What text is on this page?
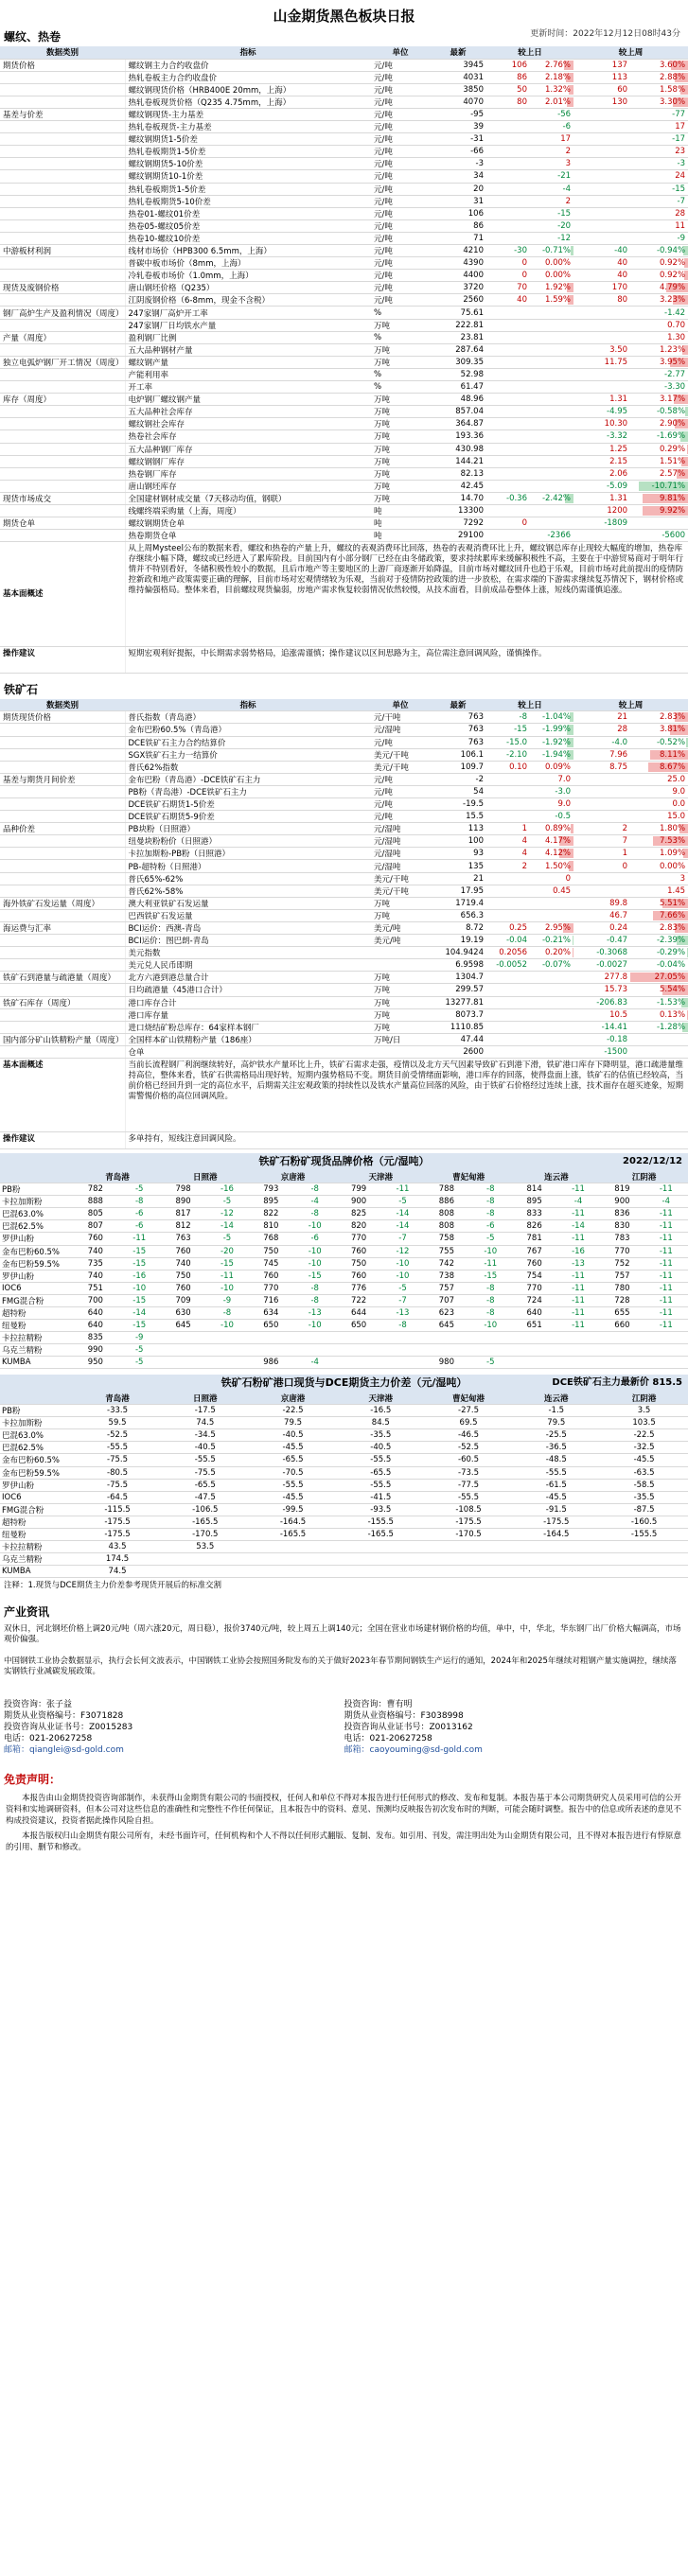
山金期货黑色板块日报
更新时间：2022年12月12日08时43分
螺纹、热卷
数据类别	指标	单位	最新	较上日		较上周	
期货价格	螺纹钢主力合约收盘价	元/吨	3945	106	2.76%	137	3.60%
	热轧卷板主力合约收盘价	元/吨	4031	86	2.18%	113	2.88%
	螺纹钢现货价格（HRB400E 20mm，上海）	元/吨	3850	50	1.32%	60	1.58%
	热轧卷板现货价格（Q235 4.75mm，上海）	元/吨	4070	80	2.01%	130	3.30%
基差与价差	螺纹钢现货-主力基差	元/吨	-95		-56		-77
	热轧卷板现货-主力基差	元/吨	39		-6		17
	螺纹钢期货1-5价差	元/吨	-31		17		-17
	热轧卷板期货1-5价差	元/吨	-66		2		23
	螺纹钢期货5-10价差	元/吨	-3		3		-3
	螺纹钢期货10-1价差	元/吨	34		-21		24
	热轧卷板期货1-5价差	元/吨	20		-4		-15
	热轧卷板期货5-10价差	元/吨	31		2		-7
	热卷01-螺纹01价差	元/吨	106		-15		28
	热卷05-螺纹05价差	元/吨	86		-20		11
	热卷10-螺纹10价差	元/吨	71		-12		-9
中游板材利润	线材市场价（HPB300 6.5mm，上海）	元/吨	4210	-30	-0.71%	-40	-0.94%
	普碳中板市场价（8mm，上海）	元/吨	4390	0	0.00%	40	0.92%
	冷轧卷板市场价（1.0mm，上海）	元/吨	4400	0	0.00%	40	0.92%
现货及废钢价格	唐山钢坯价格（Q235）	元/吨	3720	70	1.92%	170	4.79%
	江阴废钢价格（6-8mm，现金不含税）	元/吨	2560	40	1.59%	80	3.23%
钢厂高炉生产及盈利情况（周度）	247家钢厂高炉开工率	%	75.61				-1.42
	247家钢厂日均铁水产量	万吨	222.81				0.70
产量（周度）	盈利钢厂比例	%	23.81				1.30
	五大品种钢材产量	万吨	287.64			3.50	1.23%
独立电弧炉钢厂开工情况（周度）	螺纹钢产量	万吨	309.35			11.75	3.95%
	产能利用率	%	52.98				-2.77
	开工率	%	61.47				-3.30
库存（周度）	电炉钢厂螺纹钢产量	万吨	48.96			1.31	3.17%
	五大品种社会库存	万吨	857.04			-4.95	-0.58%
	螺纹钢社会库存	万吨	364.87			10.30	2.90%
	热卷社会库存	万吨	193.36			-3.32	-1.69%
	五大品种钢厂库存	万吨	430.98			1.25	0.29%
	螺纹钢钢厂库存	万吨	144.21			2.15	1.51%
	热卷钢厂库存	万吨	82.13			2.06	2.57%
	唐山钢坯库存	万吨	42.45			-5.09	-10.71%
现货市场成交	全国建材钢材成交量（7天移动均值，钢联）	万吨	14.70	-0.36	-2.42%	1.31	9.81%
	线螺终端采购量（上海，周度）	吨	13300			1200	9.92%
期货仓单	螺纹钢期货仓单	吨	7292	0		-1809	
	热卷期货仓单	吨	29100		-2366		-5600
基本面概述	从上周Mysteel公布的数据来看，螺纹和热卷的产量上升，螺纹的表观消费环比回落，热卷的表观消费环比上升，螺纹钢总库存止现较大幅度的增加，热卷库存继续小幅下降，螺纹或已经进入了累库阶段。目前国内有小部分钢厂已经在由冬储政策，要求持续累库来缓解积极性不高，主要在于中游贸易商对于明年行情并不特别看好，冬储积极性较小的数据，且后市地产等主要地区的上游厂商逐渐开始降温，目前市场对螺纹回升也趋于乐观，目前市场对此前提出的疫情防控新政和地产政策需要正确的理解，目前市场对宏观情绪较为乐观，当前对于疫情防控政策的进一步放松，在需求端的下游需求继续复苏情况下，钢材价格或维持偏强格局。整体来看，目前螺纹现货偏弱，房地产需求恢复较弱情况依然较慢，从技术面看，目前成品卷整体上涨，短线仍需谨慎追涨。
操作建议	短期宏观利好提振，中长期需求弱势格局，追涨需谨慎；操作建议以区间思路为主，高位需注意回调风险，谨慎操作。
铁矿石
数据类别	指标	单位	最新	较上日		较上周	
期货现货价格	普氏指数（青岛港）	元/干吨	763	-8	-1.04%	21	2.83%
	金布巴粉60.5%（青岛港）	元/湿吨	763	-15	-1.99%	28	3.81%
	DCE铁矿石主力合约结算价	元/吨	763	-15.0	-1.92%	-4.0	-0.52%
	SGX铁矿石主力一结算价	美元/干吨	106.1	-2.10	-1.94%	7.96	8.11%
	普氏62%指数	美元/干吨	109.7	0.10	0.09%	8.75	8.67%
基差与期货月间价差	金布巴粉（青岛港）-DCE铁矿石主力	元/吨	-2		7.0		25.0
	PB粉（青岛港）-DCE铁矿石主力	元/吨	54		-3.0		9.0
	DCE铁矿石期货1-5价差	元/吨	-19.5		9.0		0.0
	DCE铁矿石期货5-9价差	元/吨	15.5		-0.5		15.0
品种价差	PB块粉（日照港）	元/湿吨	113	1	0.89%	2	1.80%
	纽曼块粉粉价（日照港）	元/湿吨	100	4	4.17%	7	7.53%
	卡拉加斯粉-PB粉（日照港）	元/湿吨	93	4	4.12%	1	1.09%
	PB-超特粉（日照港）	元/湿吨	135	2	1.50%	0	0.00%
	普氏65%-62%	美元/干吨	21		0		3
	普氏62%-58%	美元/干吨	17.95		0.45		1.45
海外铁矿石发运量（周度）	澳大利亚铁矿石发运量	万吨	1719.4			89.8	5.51%
	巴西铁矿石发运量	万吨	656.3			46.7	7.66%
海运费与汇率	BCI运价：西澳-青岛	美元/吨	8.72	0.25	2.95%	0.24	2.83%
	BCI运价：图巴朗-青岛	美元/吨	19.19	-0.04	-0.21%	-0.47	-2.39%
	美元指数		104.9424	0.2056	0.20%	-0.3068	-0.29%
	美元兑人民币即期		6.9598	-0.0052	-0.07%	-0.0027	-0.04%
铁矿石到港量与疏港量（周度）	北方六港到港总量合计	万吨	1304.7			277.8	27.05%
	日均疏港量（45港口合计）	万吨	299.57			15.73	5.54%
铁矿石库存（周度）	港口库存合计	万吨	13277.81			-206.83	-1.53%
	港口库存量	万吨	8073.7			10.5	0.13%
	进口烧结矿粉总库存：64家样本钢厂	万吨	1110.85			-14.41	-1.28%
国内部分矿山铁精粉产量（周度）	全国样本矿山铁精粉产量（186座）	万吨/日	47.44			-0.18	
	仓单		2600			-1500	
基本面概述	当前长流程钢厂利润继续转好，高炉铁水产量环比上升，铁矿石需求走强，疫情以及北方天气因素导致矿石到港下滑，铁矿港口库存下降明显，港口疏港量维持高位，整体来看，铁矿石供需格局出现好转，短期内强势格局不变。期货目前受情绪面影响，港口库存的回落，使得盘面上涨，铁矿石的估值已经较高，当前价格已经回升到一定的高位水平，后期需关注宏观政策的持续性以及铁水产量高位回落的风险，由于铁矿石价格经过连续上涨，技术面存在超买迹象，短期需警惕价格的高位回调风险。
操作建议	多单持有，短线注意回调风险。
铁矿石粉矿现货品牌价格（元/湿吨）	2022/12/12
	青岛港		日照港		京唐港		天津港		曹妃甸港		连云港		江阴港	
PB粉	782	-5	798	-16	793	-8	799	-11	788	-8	814	-11	819	-11
卡拉加斯粉	888	-8	890	-5	895	-4	900	-5	886	-8	895	-4	900	-4
巴混63.0%	805	-6	817	-12	822	-8	825	-14	808	-8	833	-11	836	-11
巴混62.5%	807	-6	812	-14	810	-10	820	-14	808	-6	826	-14	830	-11
罗伊山粉	760	-11	763	-5	768	-6	770	-7	758	-5	781	-11	783	-11
金布巴粉60.5%	740	-15	760	-20	750	-10	760	-12	755	-10	767	-16	770	-11
金布巴粉59.5%	735	-15	740	-15	745	-10	750	-10	742	-11	760	-13	752	-11
罗伊山粉	740	-16	750	-11	760	-15	760	-10	738	-15	754	-11	757	-11
IOC6	751	-10	760	-10	770	-8	776	-5	757	-8	770	-11	780	-11
FMG混合粉	700	-15	709	-9	716	-8	722	-7	707	-8	724	-11	728	-11
超特粉	640	-14	630	-8	634	-13	644	-13	623	-8	640	-11	655	-11
纽曼粉	640	-15	645	-10	650	-10	650	-8	645	-10	651	-11	660	-11
卡拉拉精粉	835	-9												
乌克兰精粉	990	-5												
KUMBA	950	-5			986	-4			980	-5				
铁矿石粉矿港口现货与DCE期货主力价差（元/湿吨）	DCE铁矿石主力最新价 815.5
	青岛港	日照港	京唐港	天津港	曹妃甸港	连云港	江阴港
PB粉	-33.5	-17.5	-22.5	-16.5	-27.5	-1.5	3.5
卡拉加斯粉	59.5	74.5	79.5	84.5	69.5	79.5	103.5
巴混63.0%	-52.5	-34.5	-40.5	-35.5	-46.5	-25.5	-22.5
巴混62.5%	-55.5	-40.5	-45.5	-40.5	-52.5	-36.5	-32.5
金布巴粉60.5%	-75.5	-55.5	-65.5	-55.5	-60.5	-48.5	-45.5
金布巴粉59.5%	-80.5	-75.5	-70.5	-65.5	-73.5	-55.5	-63.5
罗伊山粉	-75.5	-65.5	-55.5	-55.5	-77.5	-61.5	-58.5
IOC6	-64.5	-47.5	-45.5	-41.5	-55.5	-45.5	-35.5
FMG混合粉	-115.5	-106.5	-99.5	-93.5	-108.5	-91.5	-87.5
超特粉	-175.5	-165.5	-164.5	-155.5	-175.5	-175.5	-160.5
纽曼粉	-175.5	-170.5	-165.5	-165.5	-170.5	-164.5	-155.5
卡拉拉精粉	43.5	53.5					
乌克兰精粉	174.5						
KUMBA	74.5						
注释：1.现货与DCE期货主力价差参考现货开展后的标准交割
产业资讯
双休日，河北钢坯价格上调20元/吨（周六涨20元，周日稳），报价3740元/吨，较上周五上调140元；全国在营业市场建材钢价格的均值，单中，中，华北，华东钢厂出厂价格大幅调高，市场观价偏强。
中国钢铁工业协会数据显示，执行会长何文波表示，中国钢铁工业协会按照国务院发布的关于做好2023年春节期间钢铁生产运行的通知，2024年和2025年继续对粗钢产量实施调控，继续落实钢铁行业减碳发展政策。
投资咨询：张子益
期货从业资格编号：F3071828
投资咨询从业证书号：Z0015283
电话：021-20627258
邮箱：qianglei@sd-gold.com
投资咨询：曹有明
期货从业资格编号：F3038998
投资咨询从业证书号：Z0013162
电话：021-20627258
邮箱：caoyouming@sd-gold.com
免责声明：
本报告由山金期货投资咨询部制作，未获得山金期货有限公司的书面授权，任何人和单位不得对本报告进行任何形式的修改、发布和复制。本报告基于本公司期货研究人员采用可信的公开资料和实地调研资料，但本公司对这些信息的准确性和完整性不作任何保证，且本报告中的资料、意见、预测均反映报告初次发布时的判断，可能会随时调整。报告中的信息或所表述的意见不构成投资建议，投资者据此操作风险自担。
本报告版权归山金期货有限公司所有，未经书面许可，任何机构和个人不得以任何形式翻版、复制、发布。如引用、刊发，需注明出处为山金期货有限公司，且不得对本报告进行有悖原意的引用、删节和修改。
